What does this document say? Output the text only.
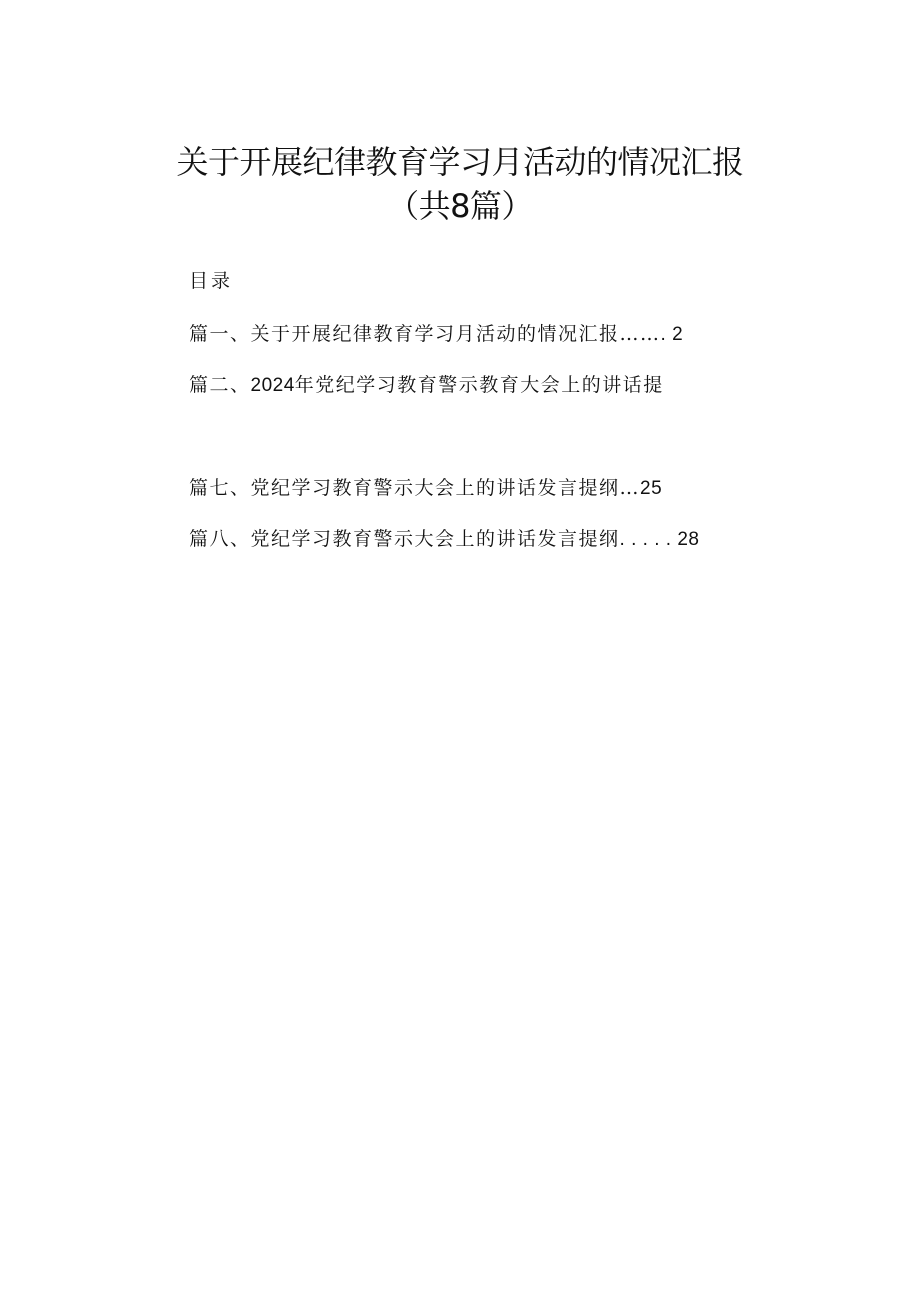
关于开展纪律教育学习月活动的情况汇报
（共8篇）
目录
篇一、关于开展纪律教育学习月活动的情况汇报……. 2
篇二、2024年党纪学习教育警示教育大会上的讲话提
篇七、党纪学习教育警示大会上的讲话发言提纲…25
篇八、党纪学习教育警示大会上的讲话发言提纲. . . . . 28
